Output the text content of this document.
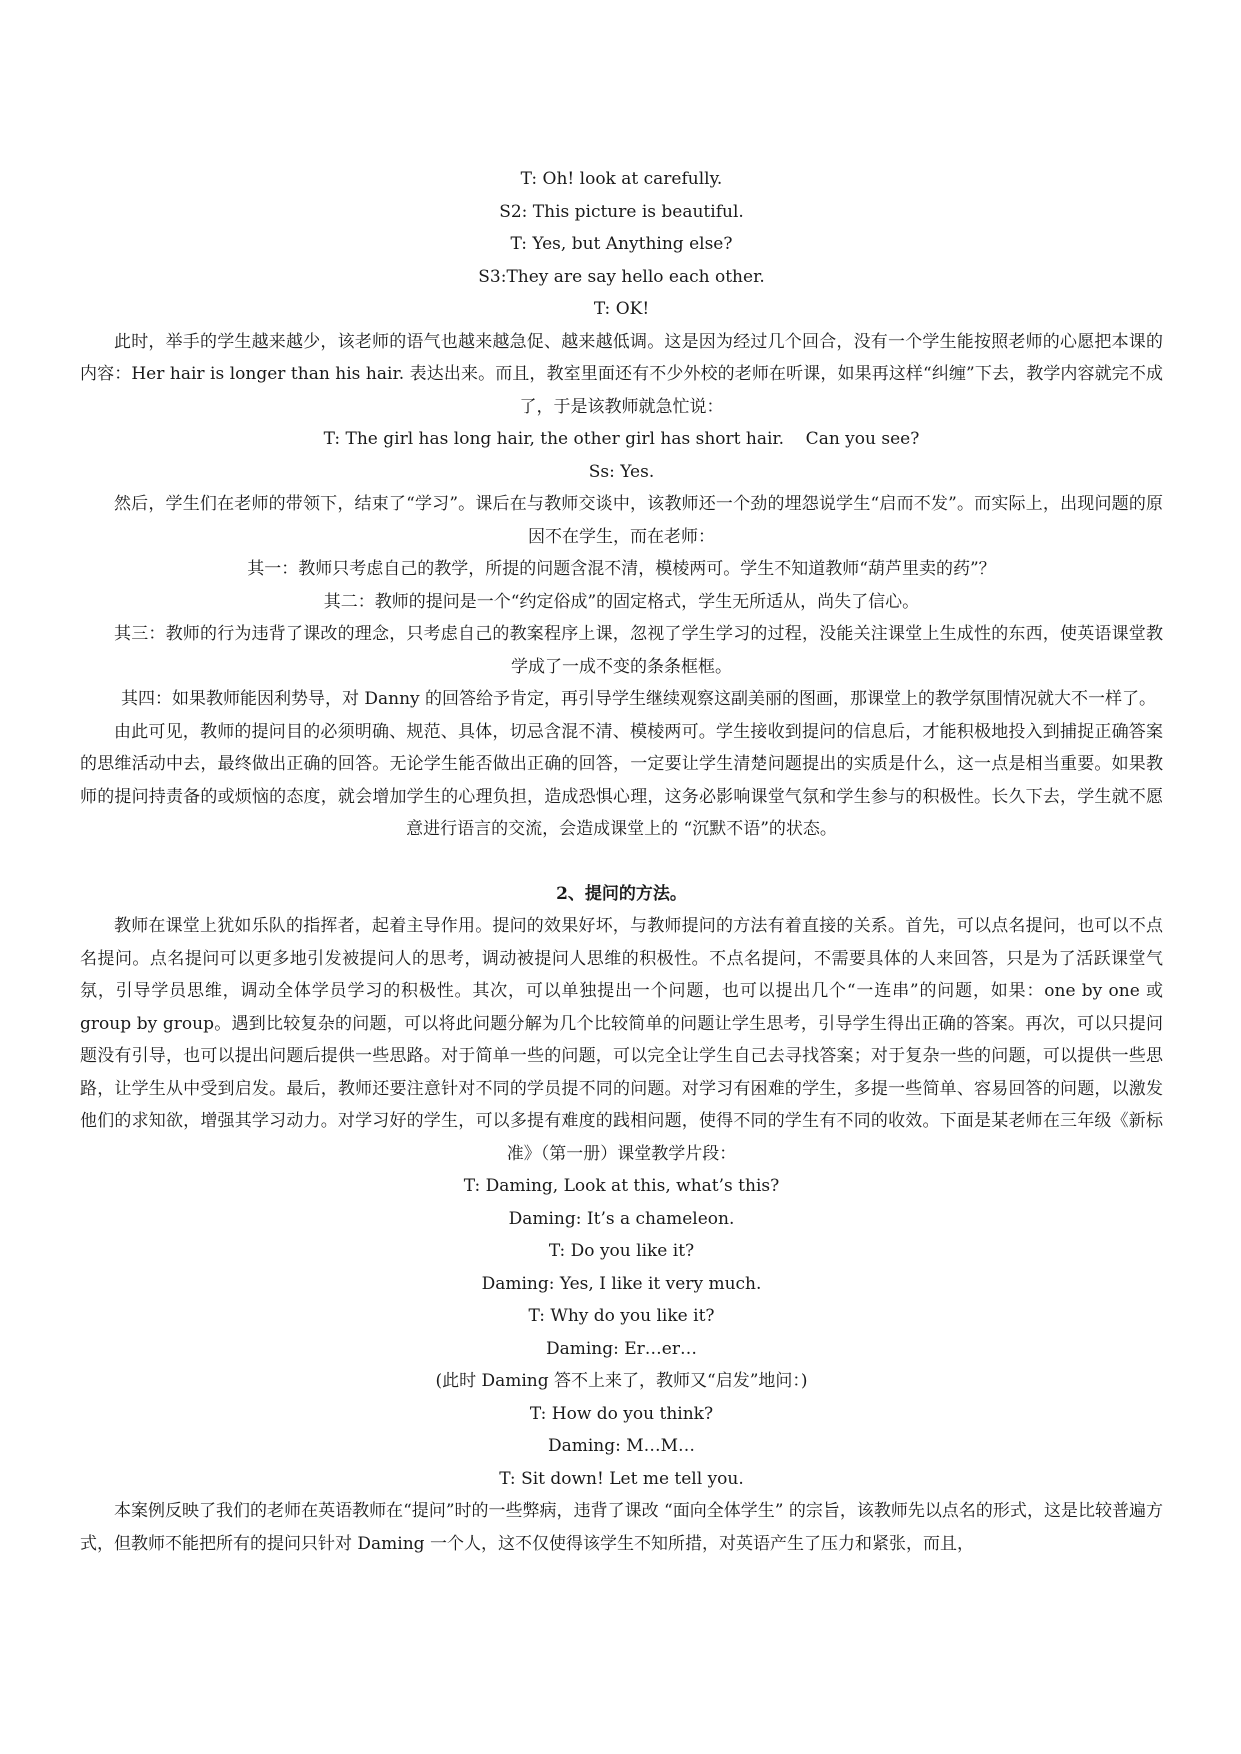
T: Oh! look at carefully.

S2: This picture is beautiful.

T: Yes, but Anything else?

S3:They are say hello each other.

T: OK!

此时，举手的学生越来越少，该老师的语气也越来越急促、越来越低调。这是因为经过几个回合，没有一个学生能按照老师的心愿把本课的内容：Her hair is longer than his hair. 表达出来。而且，教室里面还有不少外校的老师在听课，如果再这样“纠缠”下去，教学内容就完不成了，于是该教师就急忙说：

T: The girl has long hair, the other girl has short hair.    Can you see?

Ss: Yes.

然后，学生们在老师的带领下，结束了“学习”。课后在与教师交谈中，该教师还一个劲的埋怨说学生“启而不发”。而实际上，出现问题的原因不在学生，而在老师：

其一：教师只考虑自己的教学，所提的问题含混不清，模棱两可。学生不知道教师“葫芦里卖的药”？

其二：教师的提问是一个“约定俗成”的固定格式，学生无所适从，尚失了信心。

其三：教师的行为违背了课改的理念，只考虑自己的教案程序上课，忽视了学生学习的过程，没能关注课堂上生成性的东西，使英语课堂教学成了一成不变的条条框框。

其四：如果教师能因利势导，对 Danny 的回答给予肯定，再引导学生继续观察这副美丽的图画，那课堂上的教学氛围情况就大不一样了。

由此可见，教师的提问目的必须明确、规范、具体，切忌含混不清、模棱两可。学生接收到提问的信息后，才能积极地投入到捕捉正确答案的思维活动中去，最终做出正确的回答。无论学生能否做出正确的回答，一定要让学生清楚问题提出的实质是什么，这一点是相当重要。如果教师的提问持责备的或烦恼的态度，就会增加学生的心理负担，造成恐惧心理，这务必影响课堂气氛和学生参与的积极性。长久下去，学生就不愿意进行语言的交流，会造成课堂上的 “沉默不语”的状态。

2、提问的方法。

教师在课堂上犹如乐队的指挥者，起着主导作用。提问的效果好坏，与教师提问的方法有着直接的关系。首先，可以点名提问，也可以不点名提问。点名提问可以更多地引发被提问人的思考，调动被提问人思维的积极性。不点名提问，不需要具体的人来回答，只是为了活跃课堂气氛，引导学员思维，调动全体学员学习的积极性。其次，可以单独提出一个问题，也可以提出几个“一连串”的问题，如果：one by one 或 group by group。遇到比较复杂的问题，可以将此问题分解为几个比较简单的问题让学生思考，引导学生得出正确的答案。再次，可以只提问题没有引导，也可以提出问题后提供一些思路。对于简单一些的问题，可以完全让学生自己去寻找答案；对于复杂一些的问题，可以提供一些思路，让学生从中受到启发。最后，教师还要注意针对不同的学员提不同的问题。对学习有困难的学生，多提一些简单、容易回答的问题，以激发他们的求知欲，增强其学习动力。对学习好的学生，可以多提有难度的践相问题，使得不同的学生有不同的收效。下面是某老师在三年级《新标准》（第一册）课堂教学片段：

T: Daming, Look at this, what’s this?

Daming: It’s a chameleon.

T: Do you like it?

Daming: Yes, I like it very much.

T: Why do you like it?

Daming: Er…er…

(此时 Daming 答不上来了，教师又“启发”地问：)

T: How do you think?

Daming: M…M…

T: Sit down! Let me tell you.

本案例反映了我们的老师在英语教师在“提问”时的一些弊病，违背了课改 “面向全体学生” 的宗旨，该教师先以点名的形式，这是比较普遍方式，但教师不能把所有的提问只针对 Daming 一个人，这不仅使得该学生不知所措，对英语产生了压力和紧张，而且，
